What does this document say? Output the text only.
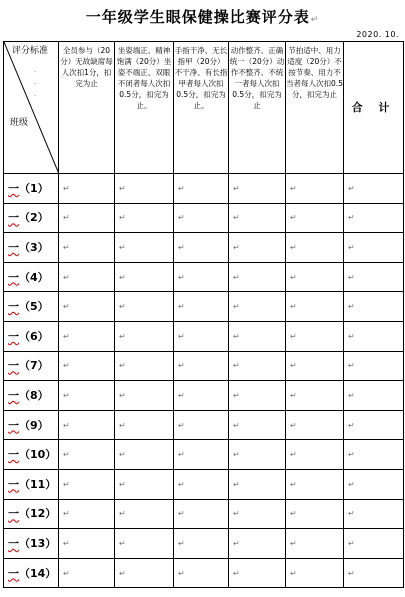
一年级学生眼保健操比赛评分表↵
2020. 10.
评分标准
.
.
.
班级	全员参与（20分）无故缺席每人次扣1分，扣完为止	坐姿端正、精神饱满（20分）坐姿不端正、双眼不闭者每人次扣0.5分，扣完为止。	手指干净、无长指甲（20分）不干净、有长指甲者每人次扣0.5分，扣完为止。	动作整齐、正确统一（20分）动作不整齐、不统一者每人次扣0.5分，扣完为止	节拍适中、用力适度（20分）不按节奏、用力不当者每人次扣0.5分，扣完为止	合 计
一（1）	↵	↵	↵	↵	↵	↵
一（2）	↵	↵	↵	↵	↵	↵
一（3）	↵	↵	↵	↵	↵	↵
一（4）	↵	↵	↵	↵	↵	↵
一（5）	↵	↵	↵	↵	↵	↵
一（6）	↵	↵	↵	↵	↵	↵
一（7）	↵	↵	↵	↵	↵	↵
一（8）	↵	↵	↵	↵	↵	↵
一（9）	↵	↵	↵	↵	↵	↵
一（10）	↵	↵	↵	↵	↵	↵
一（11）	↵	↵	↵	↵	↵	↵
一（12）	↵	↵	↵	↵	↵	↵
一（13）	↵	↵	↵	↵	↵	↵
一（14）	↵	↵	↵	↵	↵	↵
